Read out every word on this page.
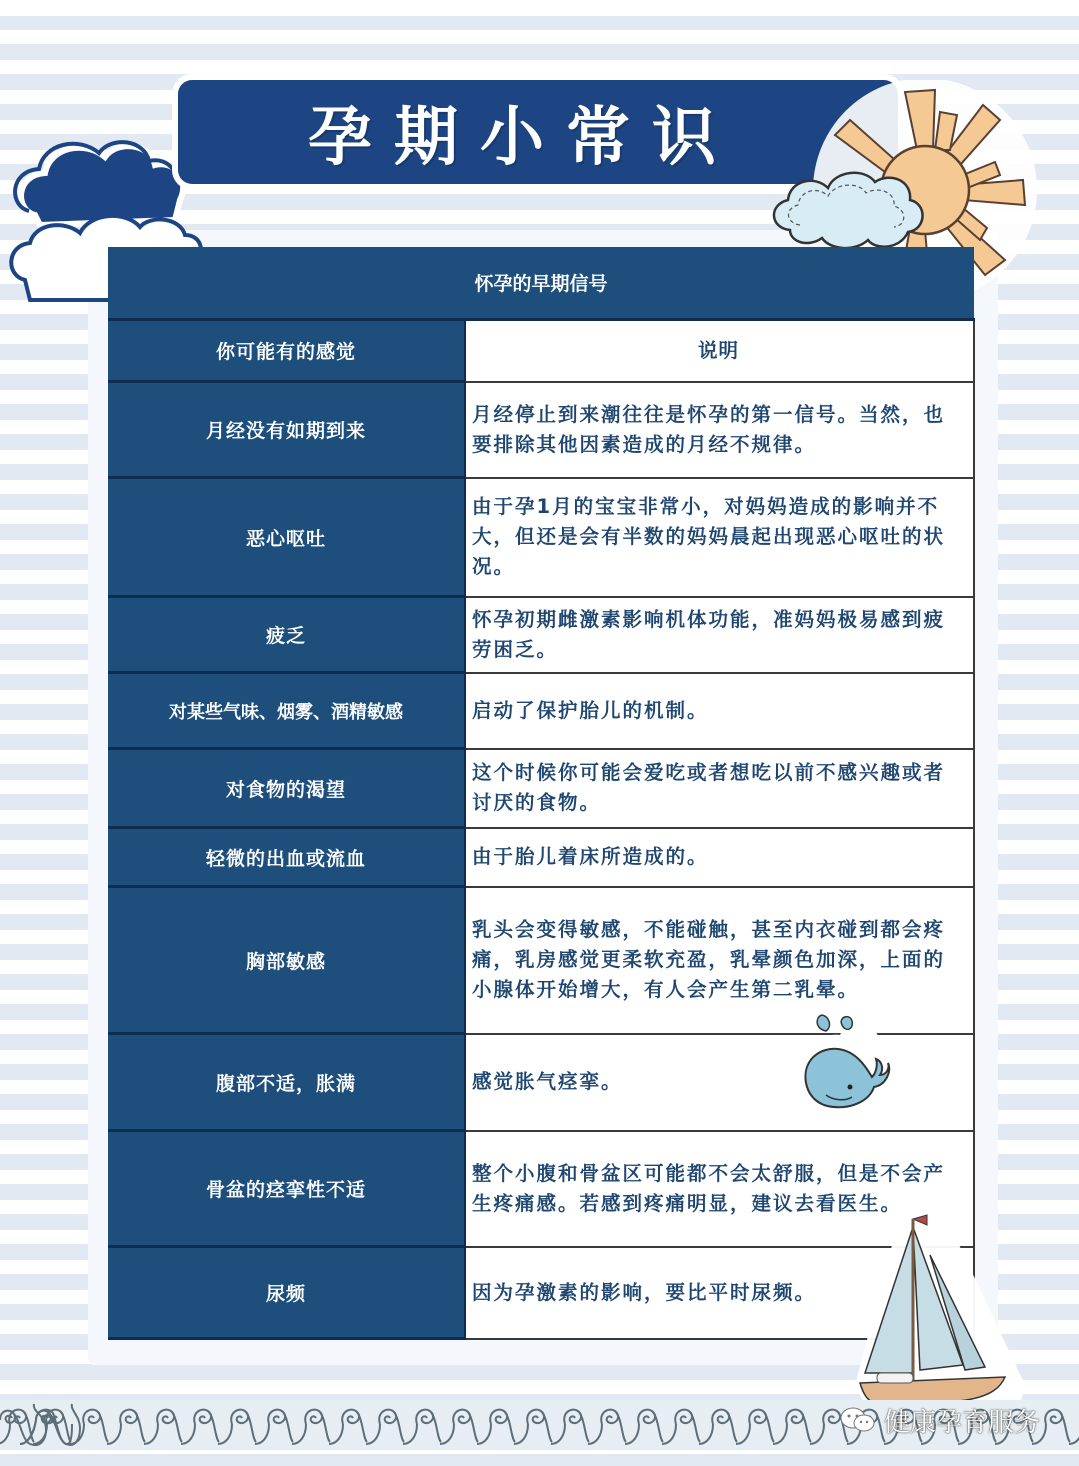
孕期小常识
怀孕的早期信号	
你可能有的感觉	说明
月经没有如期到来	月经停止到来潮往往是怀孕的第一信号。当然，也要排除其他因素造成的月经不规律。
恶心呕吐	由于孕1月的宝宝非常小，对妈妈造成的影响并不大，但还是会有半数的妈妈晨起出现恶心呕吐的状况。
疲乏	怀孕初期雌激素影响机体功能，准妈妈极易感到疲劳困乏。
对某些气味、烟雾、酒精敏感	启动了保护胎儿的机制。
对食物的渴望	这个时候你可能会爱吃或者想吃以前不感兴趣或者讨厌的食物。
轻微的出血或流血	由于胎儿着床所造成的。
胸部敏感	乳头会变得敏感，不能碰触，甚至内衣碰到都会疼痛，乳房感觉更柔软充盈，乳晕颜色加深，上面的小腺体开始增大，有人会产生第二乳晕。
腹部不适，胀满	感觉胀气痉挛。
骨盆的痉挛性不适	整个小腹和骨盆区可能都不会太舒服，但是不会产生疼痛感。若感到疼痛明显，建议去看医生。
尿频	因为孕激素的影响，要比平时尿频。
健康孕育服务
